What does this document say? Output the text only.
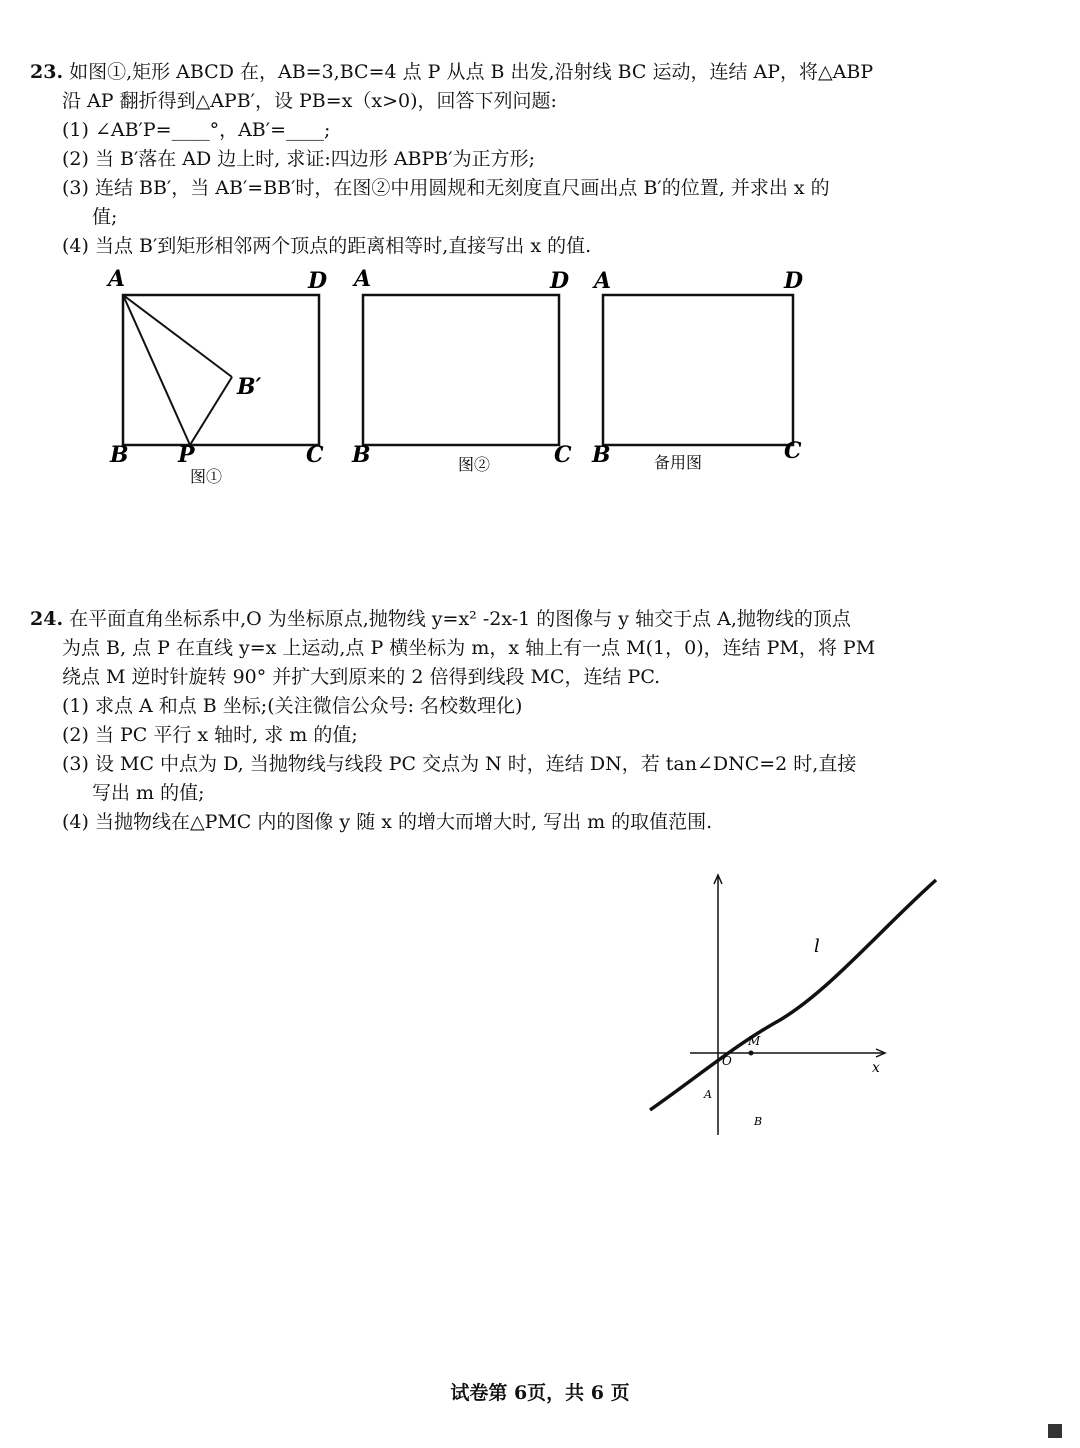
23. 如图①,矩形 ABCD 在，AB=3,BC=4 点 P 从点 B 出发,沿射线 BC 运动，连结 AP，将△ABP
沿 AP 翻折得到△APB′，设 PB=x（x>0)，回答下列问题:
(1) ∠AB′P=____°，AB′=____;
(2) 当 B′落在 AD 边上时, 求证:四边形 ABPB′为正方形;
(3) 连结 BB′，当 AB′=BB′时，在图②中用圆规和无刻度直尺画出点 B′的位置, 并求出 x 的
值;
(4) 当点 B′到矩形相邻两个顶点的距离相等时,直接写出 x 的值.
A	D
B	C
P
B′
图①
A	D
B	C
图②
A	D
B	C
备用图
24. 在平面直角坐标系中,O 为坐标原点,抛物线 y=x² -2x-1 的图像与 y 轴交于点 A,抛物线的顶点
为点 B, 点 P 在直线 y=x 上运动,点 P 横坐标为 m，x 轴上有一点 M(1，0)，连结 PM，将 PM
绕点 M 逆时针旋转 90° 并扩大到原来的 2 倍得到线段 MC，连结 PC.
(1) 求点 A 和点 B 坐标;(关注微信公众号: 名校数理化)
(2) 当 PC 平行 x 轴时, 求 m 的值;
(3) 设 MC 中点为 D, 当抛物线与线段 PC 交点为 N 时，连结 DN，若 tan∠DNC=2 时,直接
写出 m 的值;
(4) 当抛物线在△PMC 内的图像 y 随 x 的增大而增大时, 写出 m 的取值范围.
O
M
A
B
x
l
试卷第 6页，共 6 页
